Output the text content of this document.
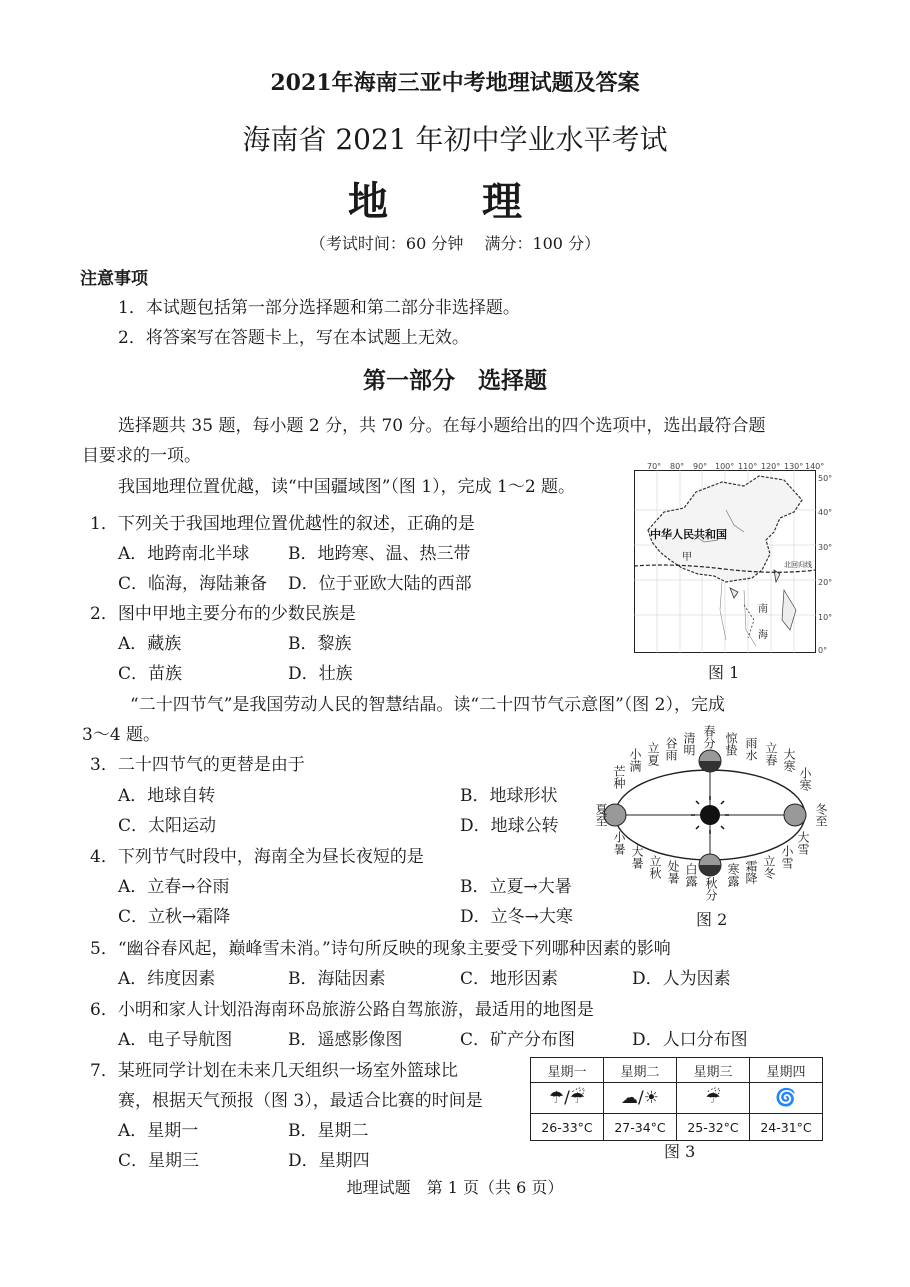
2021年海南三亚中考地理试题及答案
海南省 2021 年初中学业水平考试
地 理
（考试时间：60 分钟　 满分：100 分）
注意事项
1．本试题包括第一部分选择题和第二部分非选择题。
2．将答案写在答题卡上，写在本试题上无效。
第一部分　选择题
选择题共 35 题，每小题 2 分，共 70 分。在每小题给出的四个选项中，选出最符合题
目要求的一项。
我国地理位置优越，读“中国疆域图”（图 1），完成 1～2 题。
1．下列关于我国地理位置优越性的叙述，正确的是
A．地跨南北半球 B．地跨寒、温、热三带
C．临海，海陆兼备 D．位于亚欧大陆的西部
2．图中甲地主要分布的少数民族是
A．藏族	B．黎族
C．苗族	D．壮族
70° 80° 90° 100° 110° 120° 130° 140°
中华人民共和国
甲
北回归线
南
海
50°
40°
30°
20°
10°
0°
图 1
“二十四节气”是我国劳动人民的智慧结晶。读“二十四节气示意图”（图 2），完成
3～4 题。
3．二十四节气的更替是由于
A．地球自转	B．地球形状
C．太阳运动	D．地球公转
4．下列节气时段中，海南全为昼长夜短的是
A．立春→谷雨	B．立夏→大暑
C．立秋→霜降	D．立冬→大寒
春分
清明
谷雨
立夏
小满
芒种
夏至
小暑
大暑 立秋 处暑 白露
秋分
寒露 霜降 立冬 小雪
大雪
冬至
小寒
大寒
立春
雨水
惊蛰
图 2
5．“幽谷春风起，巅峰雪未消。”诗句所反映的现象主要受下列哪种因素的影响
A．纬度因素	B．海陆因素	C．地形因素	D．人为因素
6．小明和家人计划沿海南环岛旅游公路自驾旅游，最适用的地图是
A．电子导航图	B．遥感影像图	C．矿产分布图	D．人口分布图
7．某班同学计划在未来几天组织一场室外篮球比
赛，根据天气预报（图 3），最适合比赛的时间是
A．星期一	B．星期二
C．星期三	D．星期四
星期一	星期二	星期三	星期四
☂/☔	☁/☀	☔	🌀
26-33°C	27-34°C	25-32°C	24-31°C
图 3
地理试题　第 1 页（共 6 页）
